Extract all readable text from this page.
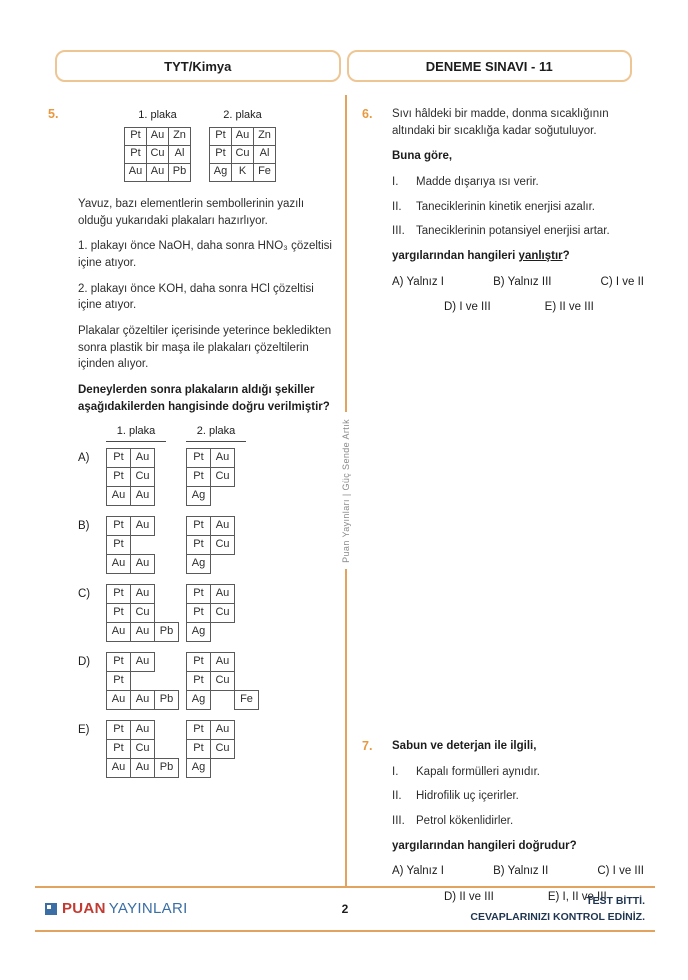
TYT/Kimya	DENEME SINAVI - 11
Puan Yayınları | Güç Sende Artık
5.	1. plaka
Pt Au Zn
Pt Cu Al
Au Au Pb
2. plaka
Pt Au Zn
Pt Cu Al
Ag	K	Fe

Yavuz, bazı elementlerin sembollerinin yazılı olduğu yukarıdaki plakaları hazırlıyor.

1. plakayı önce NaOH, daha sonra HNO₃ çözeltisi içine atıyor.

2. plakayı önce KOH, daha sonra HCl çözeltisi içine atıyor.

Plakalar çözeltiler içerisinde yeterince bekledikten sonra plastik bir maşa ile plakaları çözeltilerin içinden alıyor.

Deneylerden sonra plakaların aldığı şekiller aşağıdakilerden hangisinde doğru verilmiştir?

1. plaka	2. plaka
A)	Pt	Au
Pt	Cu
Au Au
Pt	Au
Pt	Cu
Ag
B)	Pt	Au
Pt
Au Au
Pt	Au
Pt	Cu
Ag
C)	Pt	Au
Pt	Cu
Au Au Pb
Pt	Au
Pt	Cu
Ag
D)	Pt	Au
Pt
Au Au Pb
Pt	Au
Pt	Cu
Ag	Fe
E)	Pt	Au
Pt	Cu
Au Au Pb
Pt	Au
Pt	Cu
Ag
6.	Sıvı hâldeki bir madde, donma sıcaklığının altındaki bir sıcaklığa kadar soğutuluyor.

Buna göre,

I.	Madde dışarıya ısı verir.
II.	Taneciklerinin kinetik enerjisi azalır.
III. Taneciklerinin potansiyel enerjisi artar.

yargılarından hangileri yanlıştır?

A) Yalnız I	B) Yalnız III	C) I ve II
D) I ve III	E) II ve III
7.	Sabun ve deterjan ile ilgili,

I.	Kapalı formülleri aynıdır.
II.	Hidrofilik uç içerirler.
III. Petrol kökenlidirler.

yargılarından hangileri doğrudur?

A) Yalnız I	B) Yalnız II	C) I ve III
D) II ve III	E) I, II ve III
PUAN YAYINLARI	2
TEST BİTTİ.
CEVAPLARINIZI KONTROL EDİNİZ.
